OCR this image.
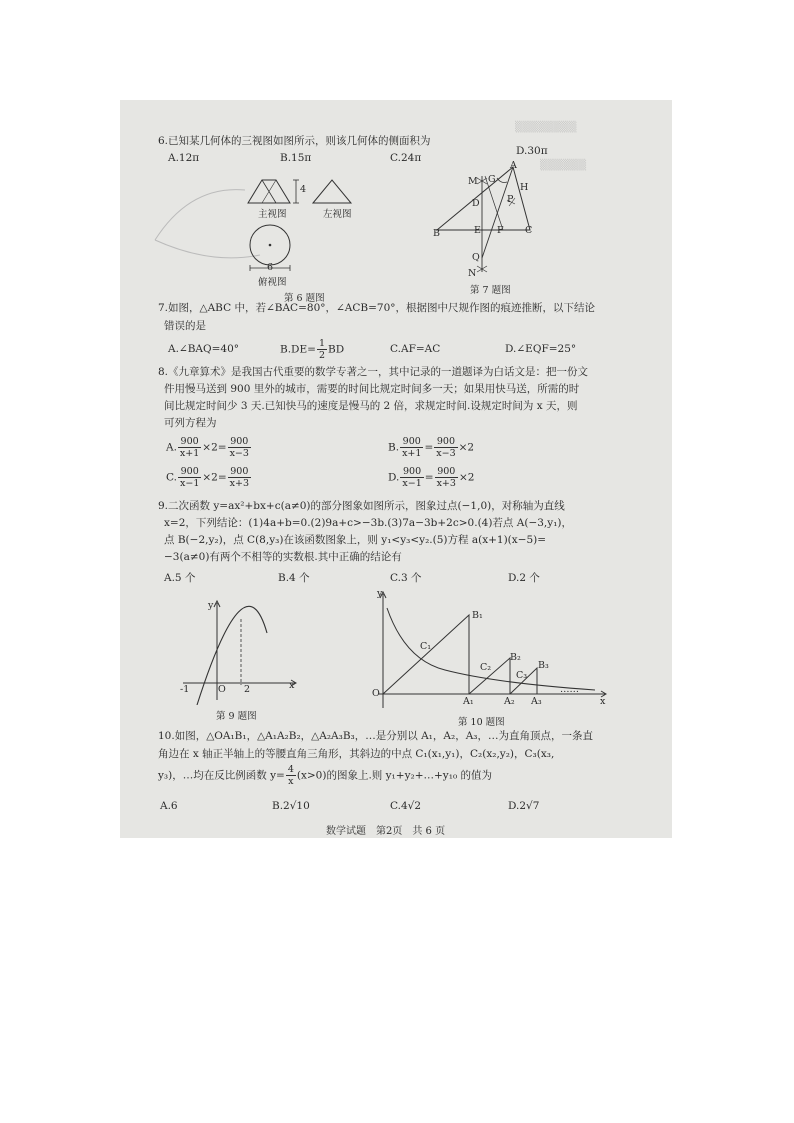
▒▒▒▒▒▒▒▒
▒▒▒▒▒▒
6.已知某几何体的三视图如图所示，则该几何体的侧面积为
A.12π	B.15π	C.24π
D.30π
4
主视图	左视图
6
俯视图
第 6 题图
A
M G
H
D	P
B	E F C
Q
N
第 7 题图
7.如图，△ABC 中，若∠BAC=80°，∠ACB=70°，根据图中尺规作图的痕迹推断，以下结论
错误的是
A.∠BAQ=40°	$B.DE= \frac{1}{2}$ BD	C.AF=AC	D.∠EQF=25°
8.《九章算术》是我国古代重要的数学专著之一，其中记录的一道题译为白话文是：把一份文
件用慢马送到 900 里外的城市，需要的时间比规定时间多一天；如果用快马送，所需的时
间比规定时间少 3 天.已知快马的速度是慢马的 2 倍，求规定时间.设规定时间为 x 天，则
可列方程为
A. $\frac{900}{x+1} \times 2= \frac{900}{x-3}$	B. $\frac{900}{x+1} = \frac{900}{x-3} \times 2$
C. $\frac{900}{x-1} \times 2= \frac{900}{x+3}$	D. $\frac{900}{x-1} = \frac{900}{x+3} \times 2$
9.二次函数 y=ax²+bx+c(a≠0)的部分图象如图所示，图象过点(−1,0)，对称轴为直线
x=2，下列结论：(1)4a+b=0.(2)9a+c>−3b.(3)7a−3b+2c>0.(4)若点 A(−3,y₁)，
点 B(−2,y₂)，点 C(8,y₃)在该函数图象上，则 y₁<y₃<y₂.(5)方程 a(x+1)(x−5)=
−3(a≠0)有两个不相等的实数根.其中正确的结论有
A.5 个	B.4 个	C.3 个	D.2 个
y
x
-1	O 2
第 9 题图
y
x
O
B₁
B₂
B₃
C₁
C₂
C₃
A₁	A₂ A₃
……
第 10 题图
10.如图，△OA₁B₁，△A₁A₂B₂，△A₂A₃B₃，…是分别以 A₁，A₂，A₃，…为直角顶点，一条直
角边在 x 轴正半轴上的等腰直角三角形，其斜边的中点 C₁(x₁,y₁)，C₂(x₂,y₂)，C₃(x₃,
y₃)，…均在反比例函数 $y= \frac{4}{x} (x>0)$的图象上.则 y₁+y₂+…+y₁₀ 的值为
A.6	B.2√10	C.4√2	D.2√7
数学试题　第2页　共 6 页
